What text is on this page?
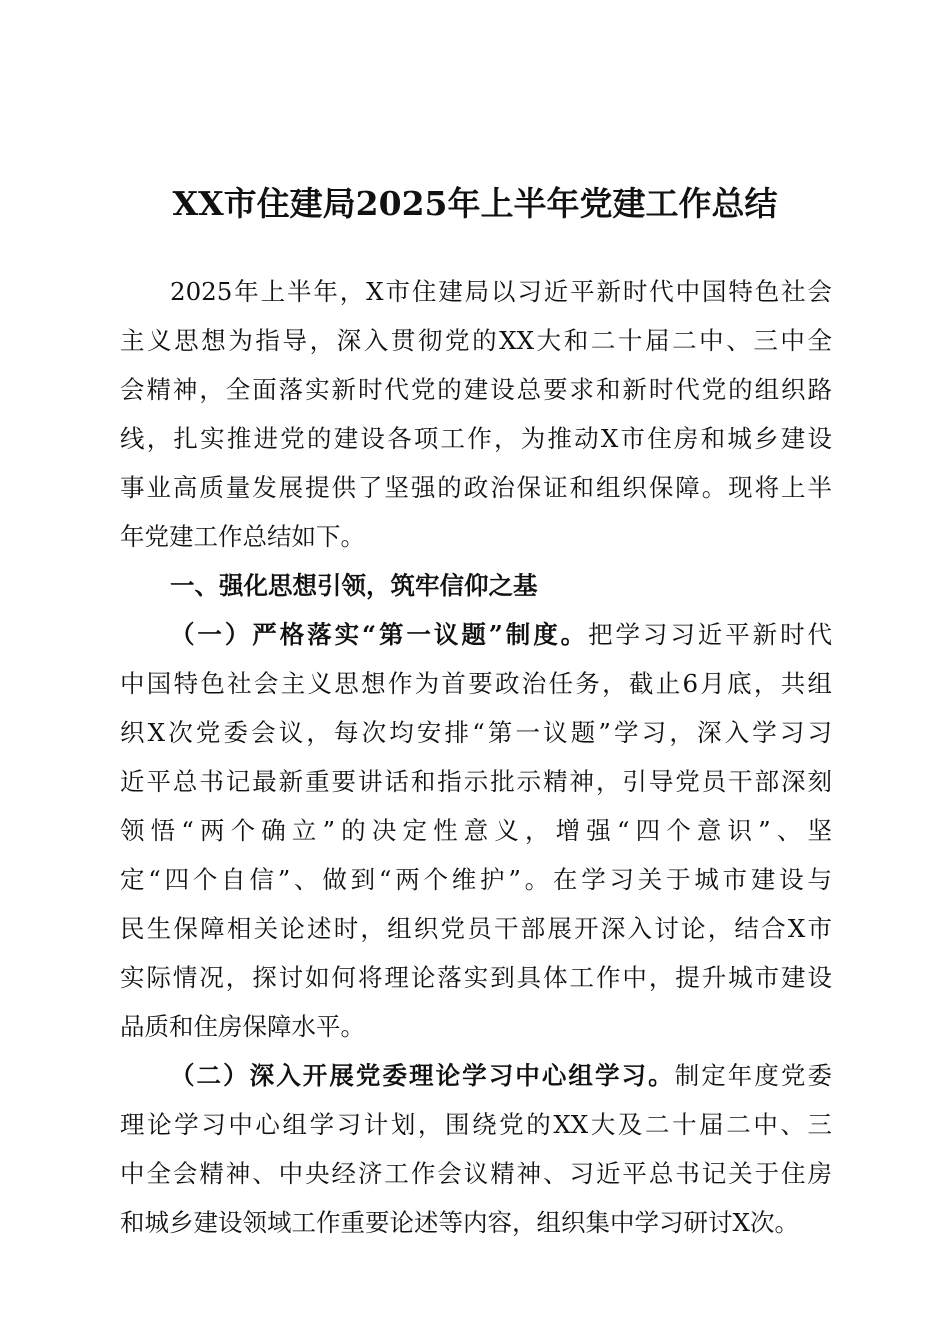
XX市住建局2025年上半年党建工作总结
2025年上半年，X市住建局以习近平新时代中国特色社会
主义思想为指导，深入贯彻党的XX大和二十届二中、三中全
会精神，全面落实新时代党的建设总要求和新时代党的组织路
线，扎实推进党的建设各项工作，为推动X市住房和城乡建设
事业高质量发展提供了坚强的政治保证和组织保障。现将上半
年党建工作总结如下。
一、强化思想引领，筑牢信仰之基
（一）严格落实“第一议题”制度。把学习习近平新时代
中国特色社会主义思想作为首要政治任务，截止6月底，共组
织X次党委会议，每次均安排“第一议题”学习，深入学习习
近平总书记最新重要讲话和指示批示精神，引导党员干部深刻
领悟“两个确立”的决定性意义，增强“四个意识”、坚
定“四个自信”、做到“两个维护”。在学习关于城市建设与
民生保障相关论述时，组织党员干部展开深入讨论，结合X市
实际情况，探讨如何将理论落实到具体工作中，提升城市建设
品质和住房保障水平。
（二）深入开展党委理论学习中心组学习。制定年度党委
理论学习中心组学习计划，围绕党的XX大及二十届二中、三
中全会精神、中央经济工作会议精神、习近平总书记关于住房
和城乡建设领域工作重要论述等内容，组织集中学习研讨X次。
